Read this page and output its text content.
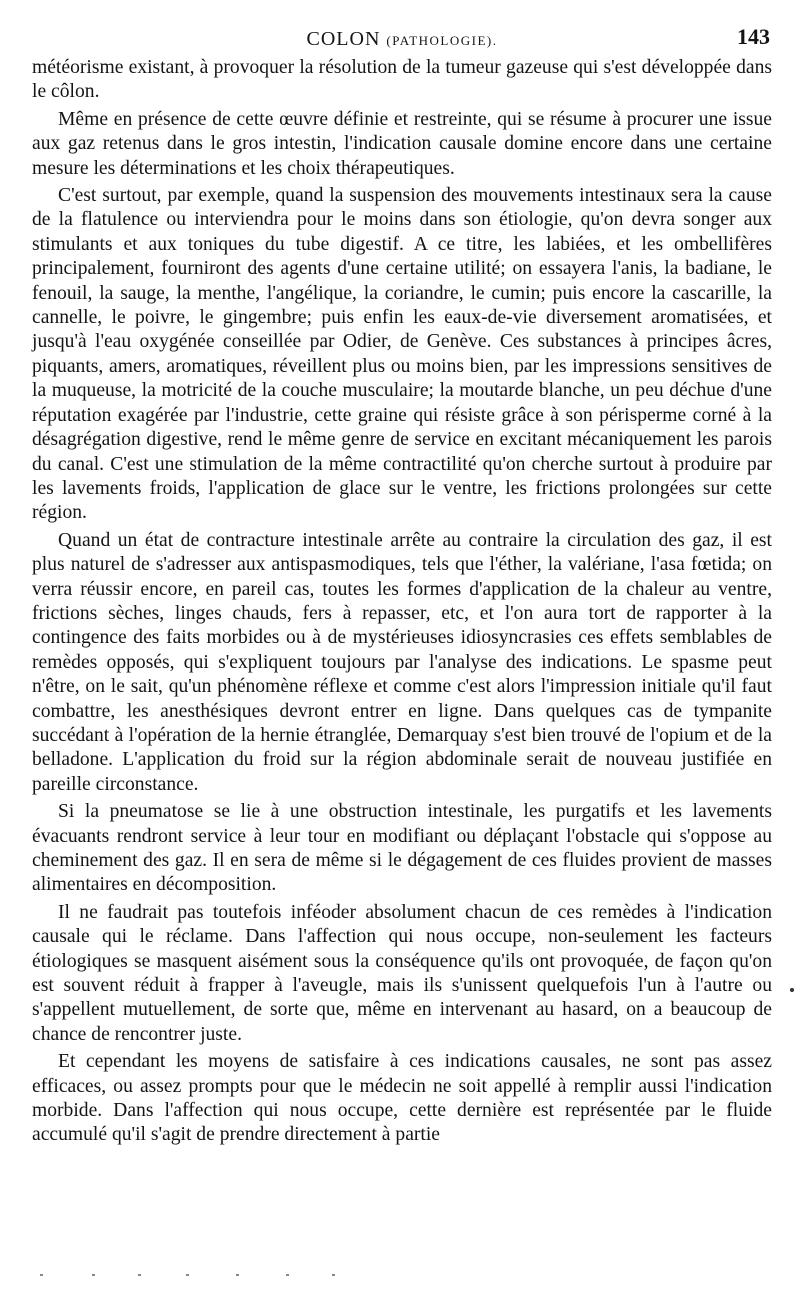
COLON (PATHOLOGIE).	143

météorisme existant, à provoquer la résolution de la tumeur gazeuse qui s'est développée dans le côlon.

Même en présence de cette œuvre définie et restreinte, qui se résume à procurer une issue aux gaz retenus dans le gros intestin, l'indication causale domine encore dans une certaine mesure les déterminations et les choix thérapeutiques.

C'est surtout, par exemple, quand la suspension des mouvements intestinaux sera la cause de la flatulence ou interviendra pour le moins dans son étiologie, qu'on devra songer aux stimulants et aux toniques du tube digestif. A ce titre, les labiées, et les ombellifères principalement, fourniront des agents d'une certaine utilité; on essayera l'anis, la badiane, le fenouil, la sauge, la menthe, l'angélique, la coriandre, le cumin; puis encore la cascarille, la cannelle, le poivre, le gingembre; puis enfin les eaux-de-vie diversement aromatisées, et jusqu'à l'eau oxygénée conseillée par Odier, de Genève. Ces substances à principes âcres, piquants, amers, aromatiques, réveillent plus ou moins bien, par les impressions sensitives de la muqueuse, la motricité de la couche musculaire; la moutarde blanche, un peu déchue d'une réputation exagérée par l'industrie, cette graine qui résiste grâce à son périsperme corné à la désagrégation digestive, rend le même genre de service en excitant mécaniquement les parois du canal. C'est une stimulation de la même contractilité qu'on cherche surtout à produire par les lavements froids, l'application de glace sur le ventre, les frictions prolongées sur cette région.

Quand un état de contracture intestinale arrête au contraire la circulation des gaz, il est plus naturel de s'adresser aux antispasmodiques, tels que l'éther, la valériane, l'asa fœtida; on verra réussir encore, en pareil cas, toutes les formes d'application de la chaleur au ventre, frictions sèches, linges chauds, fers à repasser, etc, et l'on aura tort de rapporter à la contingence des faits morbides ou à de mystérieuses idiosyncrasies ces effets semblables de remèdes opposés, qui s'expliquent toujours par l'analyse des indications. Le spasme peut n'être, on le sait, qu'un phénomène réflexe et comme c'est alors l'impression initiale qu'il faut combattre, les anesthésiques devront entrer en ligne. Dans quelques cas de tympanite succédant à l'opération de la hernie étranglée, Demarquay s'est bien trouvé de l'opium et de la belladone. L'application du froid sur la région abdominale serait de nouveau justifiée en pareille circonstance.

Si la pneumatose se lie à une obstruction intestinale, les purgatifs et les lavements évacuants rendront service à leur tour en modifiant ou déplaçant l'obstacle qui s'oppose au cheminement des gaz. Il en sera de même si le dégagement de ces fluides provient de masses alimentaires en décomposition.

Il ne faudrait pas toutefois inféoder absolument chacun de ces remèdes à l'indication causale qui le réclame. Dans l'affection qui nous occupe, non-seulement les facteurs étiologiques se masquent aisément sous la conséquence qu'ils ont provoquée, de façon qu'on est souvent réduit à frapper à l'aveugle, mais ils s'unissent quelquefois l'un à l'autre ou s'appellent mutuellement, de sorte que, même en intervenant au hasard, on a beaucoup de chance de rencontrer juste.

Et cependant les moyens de satisfaire à ces indications causales, ne sont pas assez efficaces, ou assez prompts pour que le médecin ne soit appellé à remplir aussi l'indication morbide. Dans l'affection qui nous occupe, cette dernière est représentée par le fluide accumulé qu'il s'agit de prendre directement à partie
